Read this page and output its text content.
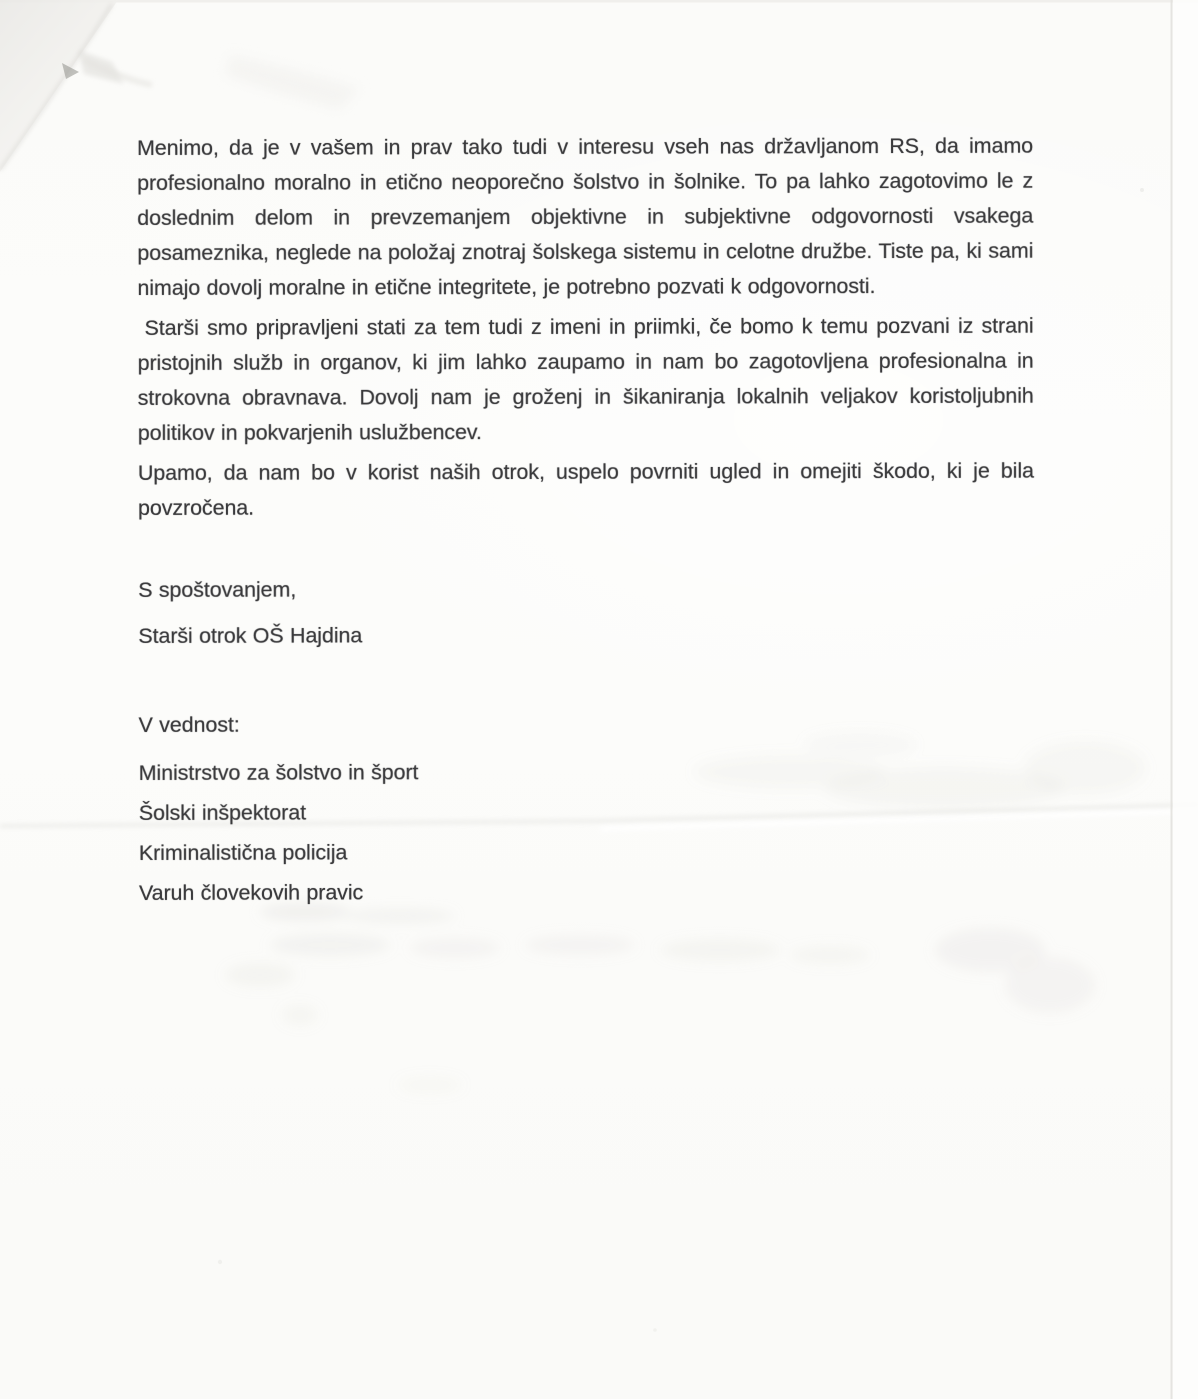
Menimo, da je v vašem in prav tako tudi v interesu vseh nas državljanom RS, da imamo profesionalno moralno in etično neoporečno šolstvo in šolnike. To pa lahko zagotovimo le z doslednim delom in prevzemanjem objektivne in subjektivne odgovornosti vsakega posameznika, neglede na položaj znotraj šolskega sistemu in celotne družbe. Tiste pa, ki sami nimajo dovolj moralne in etične integritete, je potrebno pozvati k odgovornosti.

Starši smo pripravljeni stati za tem tudi z imeni in priimki, če bomo k temu pozvani iz strani pristojnih služb in organov, ki jim lahko zaupamo in nam bo zagotovljena profesionalna in strokovna obravnava. Dovolj nam je groženj in šikaniranja lokalnih veljakov koristoljubnih politikov in pokvarjenih uslužbencev.

Upamo, da nam bo v korist naših otrok, uspelo povrniti ugled in omejiti škodo, ki je bila povzročena.

S spoštovanjem,
Starši otrok OŠ Hajdina
V vednost:
Ministrstvo za šolstvo in šport
Šolski inšpektorat
Kriminalistična policija
Varuh človekovih pravic
